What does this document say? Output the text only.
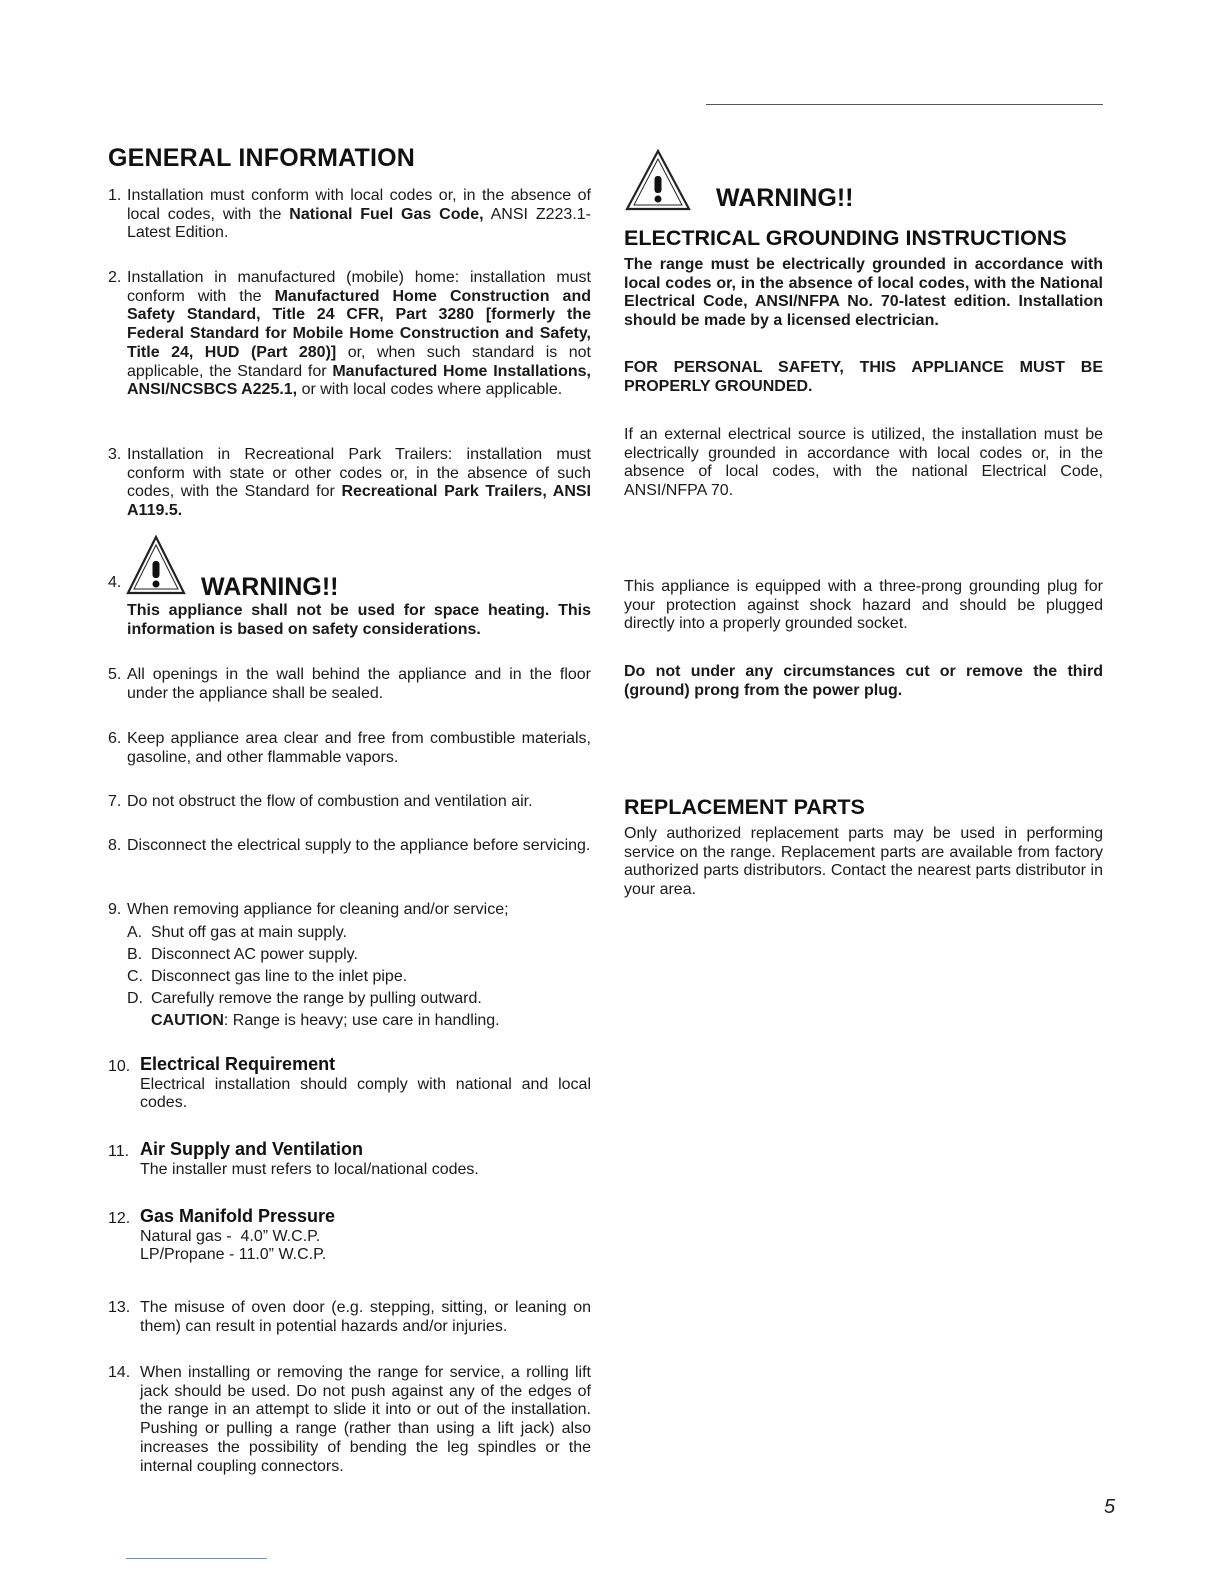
GENERAL INFORMATION
1. Installation must conform with local codes or, in the absence of local codes, with the National Fuel Gas Code, ANSI Z223.1-Latest Edition.

2. Installation in manufactured (mobile) home: installation must conform with the Manufactured Home Construction and Safety Standard, Title 24 CFR, Part 3280 [formerly the Federal Standard for Mobile Home Construction and Safety, Title 24, HUD (Part 280)] or, when such standard is not applicable, the Standard for Manufactured Home Installations, ANSI/NCSBCS A225.1, or with local codes where applicable.

3. Installation in Recreational Park Trailers: installation must conform with state or other codes or, in the absence of such codes, with the Standard for Recreational Park Trailers, ANSI A119.5.

4.	WARNING!!

This appliance shall not be used for space heating. This information is based on safety considerations.

5. All openings in the wall behind the appliance and in the floor under the appliance shall be sealed.

6. Keep appliance area clear and free from combustible materials, gasoline, and other flammable vapors.

7. Do not obstruct the flow of combustion and ventilation air.

8. Disconnect the electrical supply to the appliance before servicing.

9. When removing appliance for cleaning and/or service;

A. Shut off gas at main supply.
B. Disconnect AC power supply.
C. Disconnect gas line to the inlet pipe.
D. Carefully remove the range by pulling outward.
CAUTION: Range is heavy; use care in handling.
10. Electrical Requirement

Electrical installation should comply with national and local codes.

11. Air Supply and Ventilation

The installer must refers to local/national codes.

12. Gas Manifold Pressure

Natural gas -  4.0” W.C.P.

LP/Propane - 11.0” W.C.P.

13. The misuse of oven door (e.g. stepping, sitting, or leaning on them) can result in potential hazards and/or injuries.

14. When installing or removing the range for service, a rolling lift jack should be used. Do not push against any of the edges of the range in an attempt to slide it into or out of the installation. Pushing or pulling a range (rather than using a lift jack) also increases the possibility of bending the leg spindles or the internal coupling connectors.

WARNING!!
ELECTRICAL GROUNDING INSTRUCTIONS

The range must be electrically grounded in accordance with local codes or, in the absence of local codes, with the National Electrical Code, ANSI/NFPA No. 70-latest edition. Installation should be made by a licensed electrician.

FOR PERSONAL SAFETY, THIS APPLIANCE MUST BE PROPERLY GROUNDED.

If an external electrical source is utilized, the installation must be electrically grounded in accordance with local codes or, in the absence of local codes, with the national Electrical Code, ANSI/NFPA 70.

This appliance is equipped with a three-prong grounding plug for your protection against shock hazard and should be plugged directly into a properly grounded socket.

Do not under any circumstances cut or remove the third (ground) prong from the power plug.

REPLACEMENT PARTS

Only authorized replacement parts may be used in performing service on the range. Replacement parts are available from factory authorized parts distributors. Contact the nearest parts distributor in your area.

5
